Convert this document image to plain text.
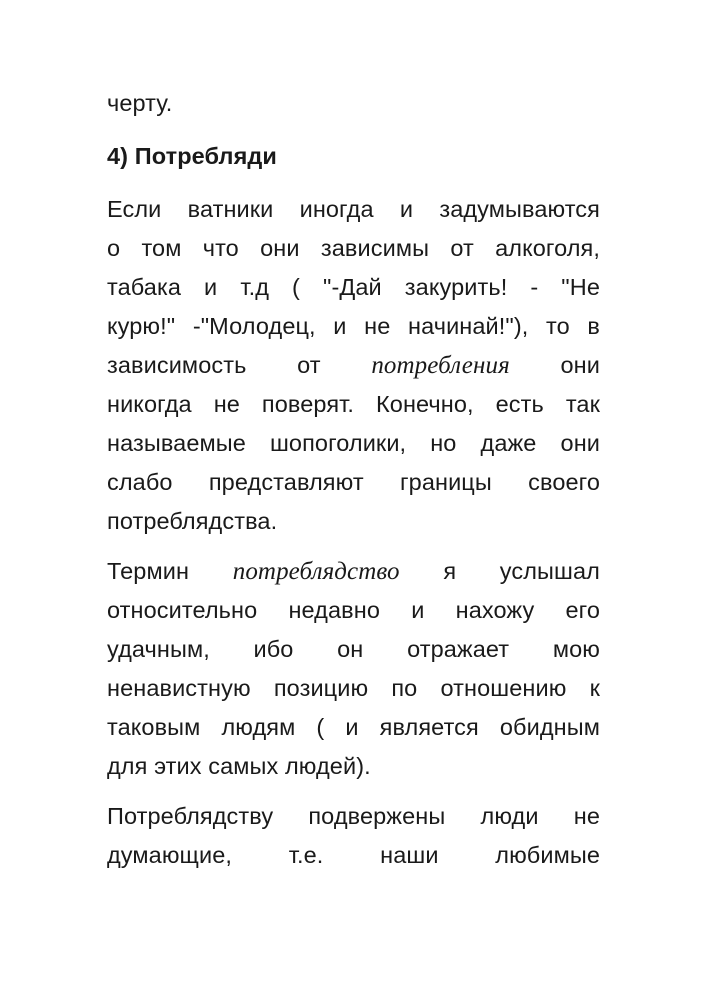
черту.
4) Потребляди
Если ватники иногда и задумываются
о том что они зависимы от алкоголя,
табака и т.д ( "-Дай закурить! - "Не
курю!" -"Молодец, и не начинай!"), то в
зависимость от потребления они
никогда не поверят. Конечно, есть так
называемые шопоголики, но даже они
слабо представляют границы своего
потреблядства.
Термин потреблядство я услышал
относительно недавно и нахожу его
удачным, ибо он отражает мою
ненавистную позицию по отношению к
таковым людям ( и является обидным
для этих самых людей).
Потреблядству подвержены люди не
думающие, т.е. наши любимые
